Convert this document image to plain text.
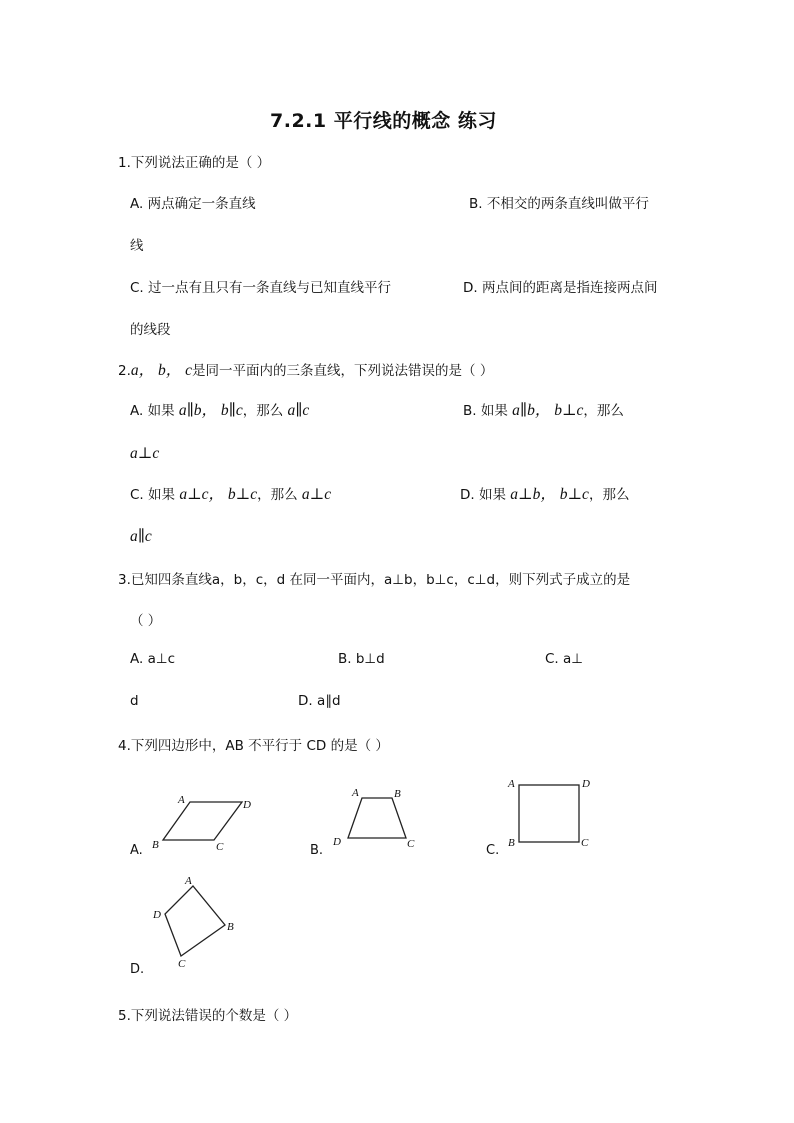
7.2.1 平行线的概念 练习
1.下列说法正确的是（ ）
A. 两点确定一条直线	B. 不相交的两条直线叫做平行
线
C. 过一点有且只有一条直线与已知直线平行	D. 两点间的距离是指连接两点间
的线段
2.a， b， c是同一平面内的三条直线，下列说法错误的是（ ）
A. 如果 a∥b， b∥c，那么 a∥c	B. 如果 a∥b， b⊥c，那么
a⊥c
C. 如果 a⊥c， b⊥c，那么 a⊥c	D. 如果 a⊥b， b⊥c，那么
a∥c
3.已知四条直线a，b，c，d 在同一平面内，a⊥b，b⊥c，c⊥d，则下列式子成立的是
（ ）
A. a⊥c	B. b⊥d	C. a⊥
d	D. a∥d
4.下列四边形中，AB 不平行于 CD 的是（ ）
A.
A	D
B	C	B.
A	B
D	C	C.
A	D
B	C
D.
A
B
C
D
5.下列说法错误的个数是（ ）
